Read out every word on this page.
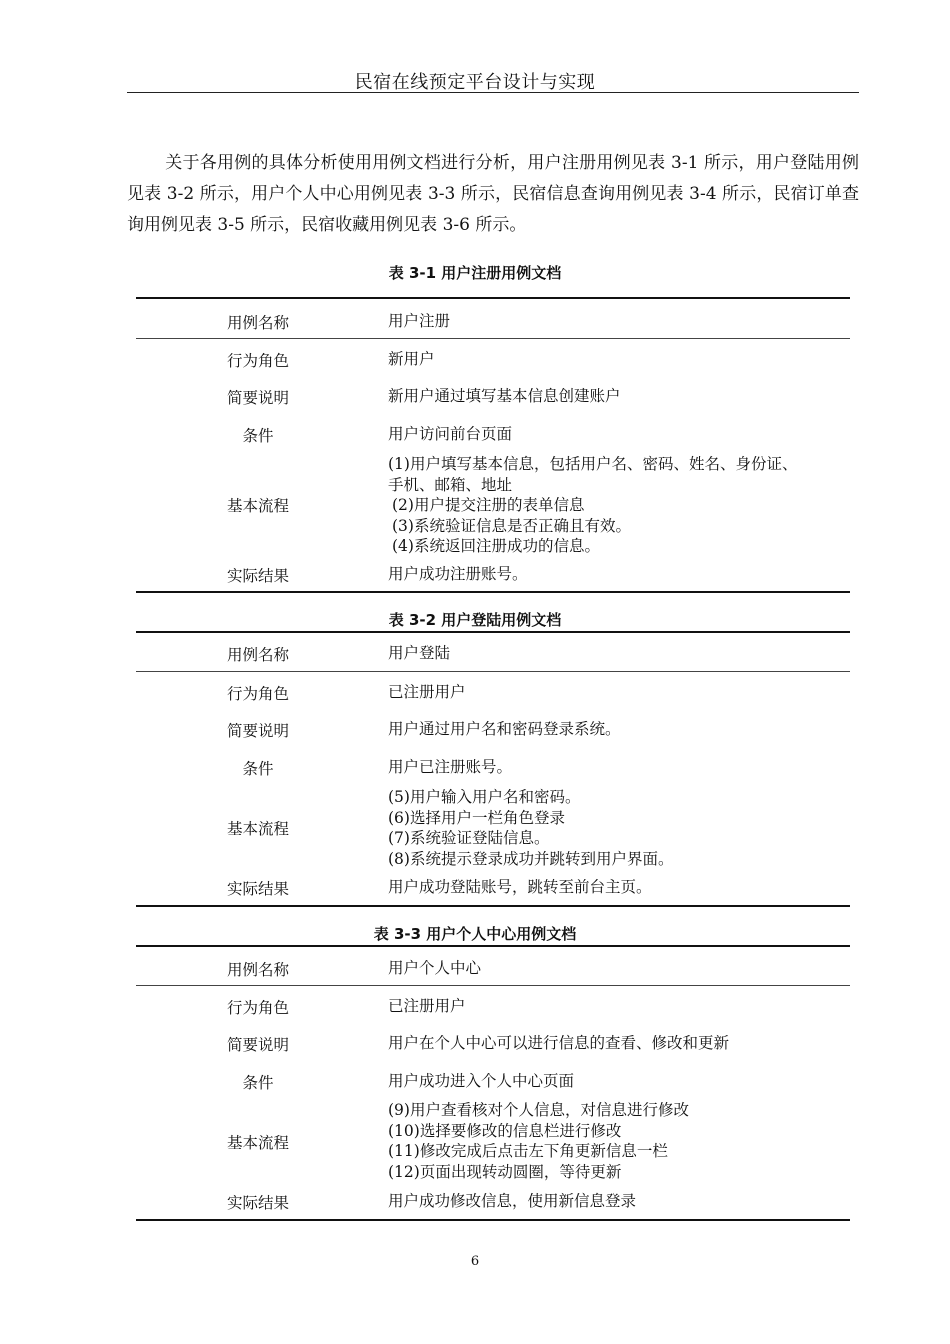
民宿在线预定平台设计与实现

关于各用例的具体分析使用用例文档进行分析，用户注册用例见表 3-1 所示，用户登陆用例见表 3-2 所示，用户个人中心用例见表 3-3 所示，民宿信息查询用例见表 3-4 所示，民宿订单查询用例见表 3-5 所示，民宿收藏用例见表 3-6 所示。

表 3-1 用户注册用例文档
用例名称	用户注册
行为角色	新用户
简要说明	新用户通过填写基本信息创建账户
条件	用户访问前台页面
基本流程
(1)用户填写基本信息，包括用户名、密码、姓名、身份证、
手机、邮箱、地址
(2)用户提交注册的表单信息
(3)系统验证信息是否正确且有效。
(4)系统返回注册成功的信息。
实际结果	用户成功注册账号。
表 3-2 用户登陆用例文档
用例名称	用户登陆
行为角色	已注册用户
简要说明	用户通过用户名和密码登录系统。
条件	用户已注册账号。
基本流程
(5)用户输入用户名和密码。
(6)选择用户一栏角色登录
(7)系统验证登陆信息。
(8)系统提示登录成功并跳转到用户界面。
实际结果	用户成功登陆账号，跳转至前台主页。
表 3-3 用户个人中心用例文档
用例名称	用户个人中心
行为角色	已注册用户
简要说明	用户在个人中心可以进行信息的查看、修改和更新
条件	用户成功进入个人中心页面
基本流程
(9)用户查看核对个人信息，对信息进行修改
(10)选择要修改的信息栏进行修改
(11)修改完成后点击左下角更新信息一栏
(12)页面出现转动圆圈，等待更新
实际结果	用户成功修改信息，使用新信息登录
6
